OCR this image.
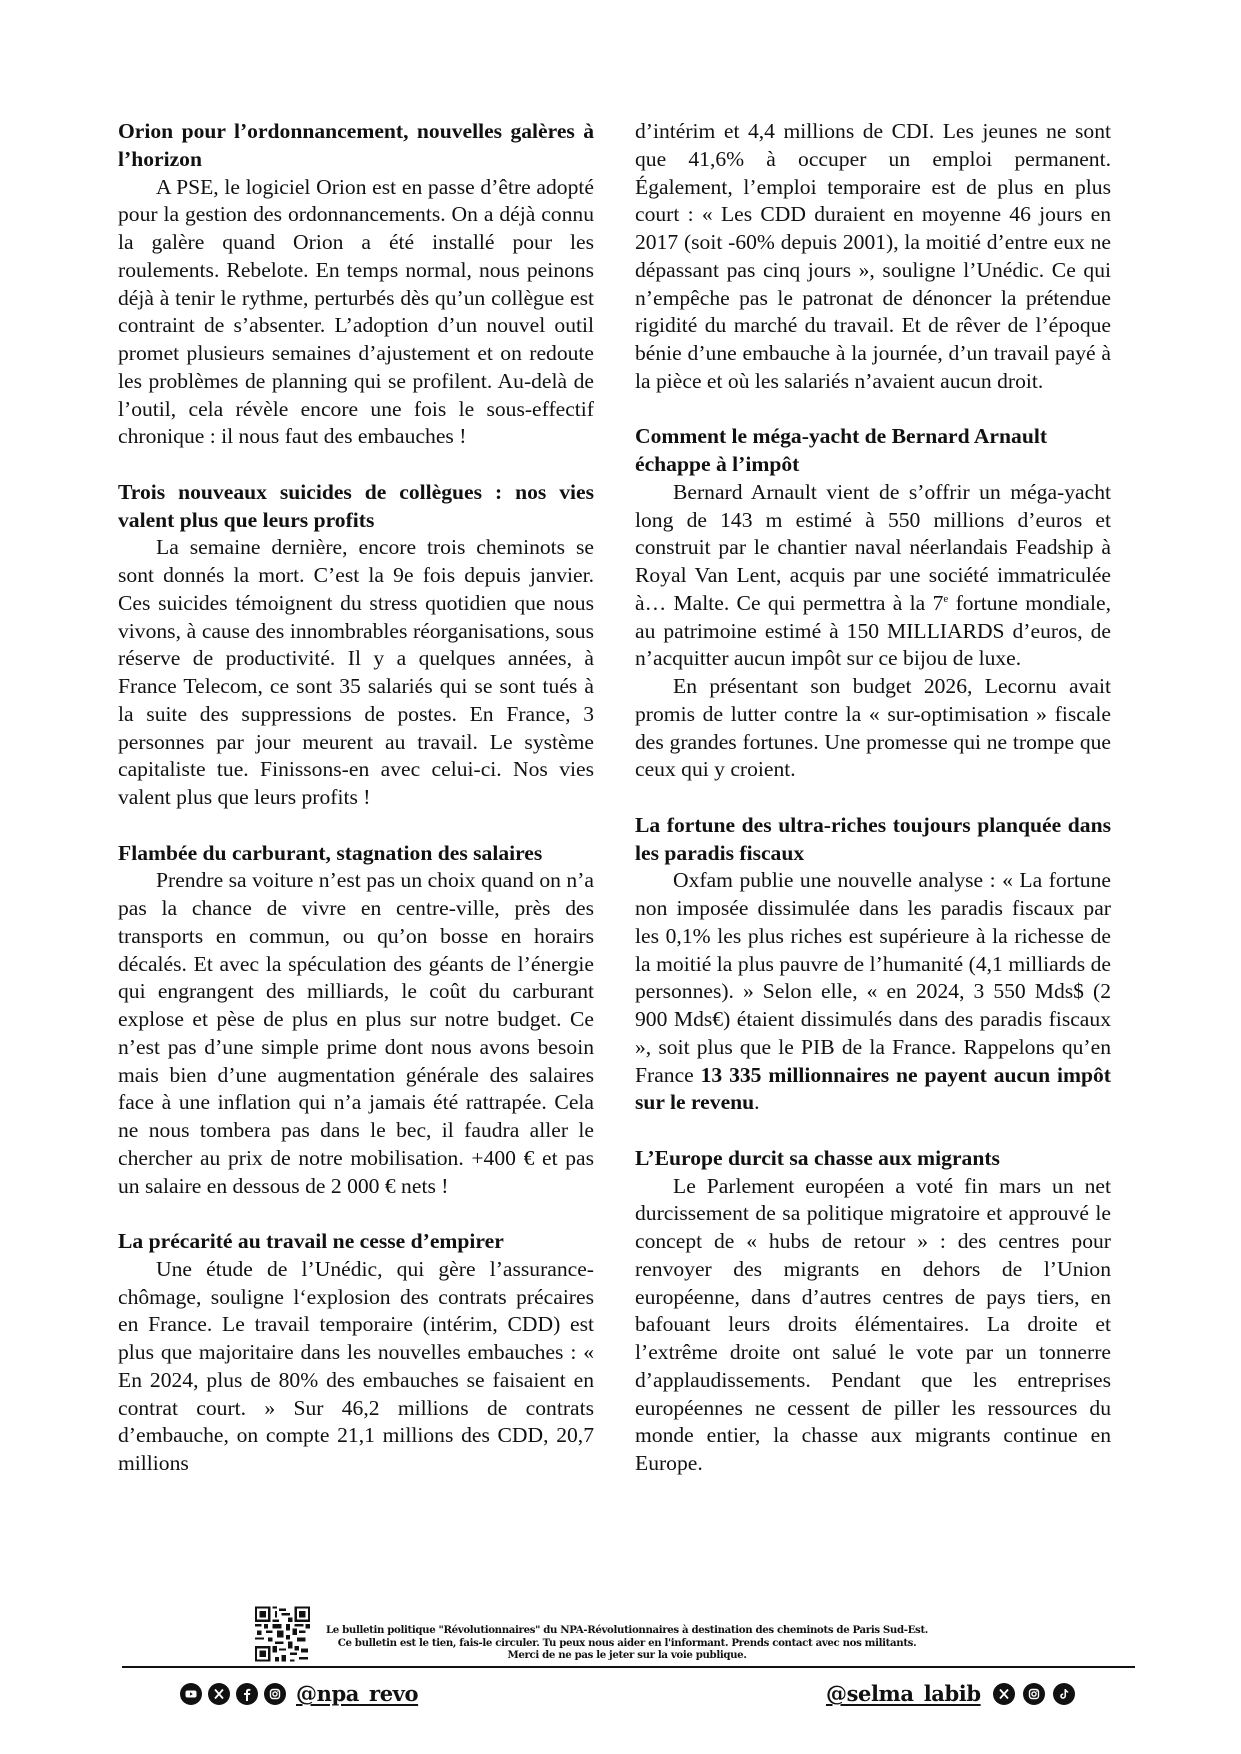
Orion pour l’ordonnancement, nouvelles galères à l’horizon

A PSE, le logiciel Orion est en passe d’être adopté pour la gestion des ordonnancements. On a déjà connu la galère quand Orion a été installé pour les roulements. Rebelote. En temps normal, nous peinons déjà à tenir le rythme, perturbés dès qu’un collègue est contraint de s’absenter. L’adoption d’un nouvel outil promet plusieurs semaines d’ajustement et on redoute les problèmes de planning qui se profilent. Au-delà de l’outil, cela révèle encore une fois le sous-effectif chronique : il nous faut des embauches !

Trois nouveaux suicides de collègues : nos vies valent plus que leurs profits

La semaine dernière, encore trois cheminots se sont donnés la mort. C’est la 9e fois depuis janvier. Ces suicides témoignent du stress quotidien que nous vivons, à cause des innombrables réorganisations, sous réserve de productivité. Il y a quelques années, à France Telecom, ce sont 35 salariés qui se sont tués à la suite des suppressions de postes. En France, 3 personnes par jour meurent au travail. Le système capitaliste tue. Finissons-en avec celui-ci. Nos vies valent plus que leurs profits !

Flambée du carburant, stagnation des salaires

Prendre sa voiture n’est pas un choix quand on n’a pas la chance de vivre en centre-ville, près des transports en commun, ou qu’on bosse en horairs décalés. Et avec la spéculation des géants de l’énergie qui engrangent des milliards, le coût du carburant explose et pèse de plus en plus sur notre budget. Ce n’est pas d’une simple prime dont nous avons besoin mais bien d’une augmentation générale des salaires face à une inflation qui n’a jamais été rattrapée. Cela ne nous tombera pas dans le bec, il faudra aller le chercher au prix de notre mobilisation. +400 € et pas un salaire en dessous de 2 000 € nets !

La précarité au travail ne cesse d’empirer

Une étude de l’Unédic, qui gère l’assurance-chômage, souligne l‘explosion des contrats précaires en France. Le travail temporaire (intérim, CDD) est plus que majoritaire dans les nouvelles embauches : « En 2024, plus de 80% des embauches se faisaient en contrat court. » Sur 46,2 millions de contrats d’embauche, on compte 21,1 millions des CDD, 20,7 millions

d’intérim et 4,4 millions de CDI. Les jeunes ne sont que 41,6% à occuper un emploi permanent. Également, l’emploi temporaire est de plus en plus court : « Les CDD duraient en moyenne 46 jours en 2017 (soit -60% depuis 2001), la moitié d’entre eux ne dépassant pas cinq jours », souligne l’Unédic. Ce qui n’empêche pas le patronat de dénoncer la prétendue rigidité du marché du travail. Et de rêver de l’époque bénie d’une embauche à la journée, d’un travail payé à la pièce et où les salariés n’avaient aucun droit.

Comment le méga-yacht de Bernard Arnault échappe à l’impôt

Bernard Arnault vient de s’offrir un méga-yacht long de 143 m estimé à 550 millions d’euros et construit par le chantier naval néerlandais Feadship à Royal Van Lent, acquis par une société immatriculée à… Malte. Ce qui permettra à la 7e fortune mondiale, au patrimoine estimé à 150 MILLIARDS d’euros, de n’acquitter aucun impôt sur ce bijou de luxe.

En présentant son budget 2026, Lecornu avait promis de lutter contre la « sur-optimisation » fiscale des grandes fortunes. Une promesse qui ne trompe que ceux qui y croient.

La fortune des ultra-riches toujours planquée dans les paradis fiscaux

Oxfam publie une nouvelle analyse : « La fortune non imposée dissimulée dans les paradis fiscaux par les 0,1% les plus riches est supérieure à la richesse de la moitié la plus pauvre de l’humanité (4,1 milliards de personnes). » Selon elle, « en 2024, 3 550 Mds$ (2 900 Mds€) étaient dissimulés dans des paradis fiscaux », soit plus que le PIB de la France. Rappelons qu’en France 13 335 millionnaires ne payent aucun impôt sur le revenu.

L’Europe durcit sa chasse aux migrants

Le Parlement européen a voté fin mars un net durcissement de sa politique migratoire et approuvé le concept de « hubs de retour » : des centres pour renvoyer des migrants en dehors de l’Union européenne, dans d’autres centres de pays tiers, en bafouant leurs droits élémentaires. La droite et l’extrême droite ont salué le vote par un tonnerre d’applaudissements. Pendant que les entreprises européennes ne cessent de piller les ressources du monde entier, la chasse aux migrants continue en Europe.

Le bulletin politique "Révolutionnaires" du NPA-Révolutionnaires à destination des cheminots de Paris Sud-Est.
Ce bulletin est le tien, fais-le circuler. Tu peux nous aider en l'informant. Prends contact avec nos militants.
Merci de ne pas le jeter sur la voie publique.
@npa_revo	@selma_labib
